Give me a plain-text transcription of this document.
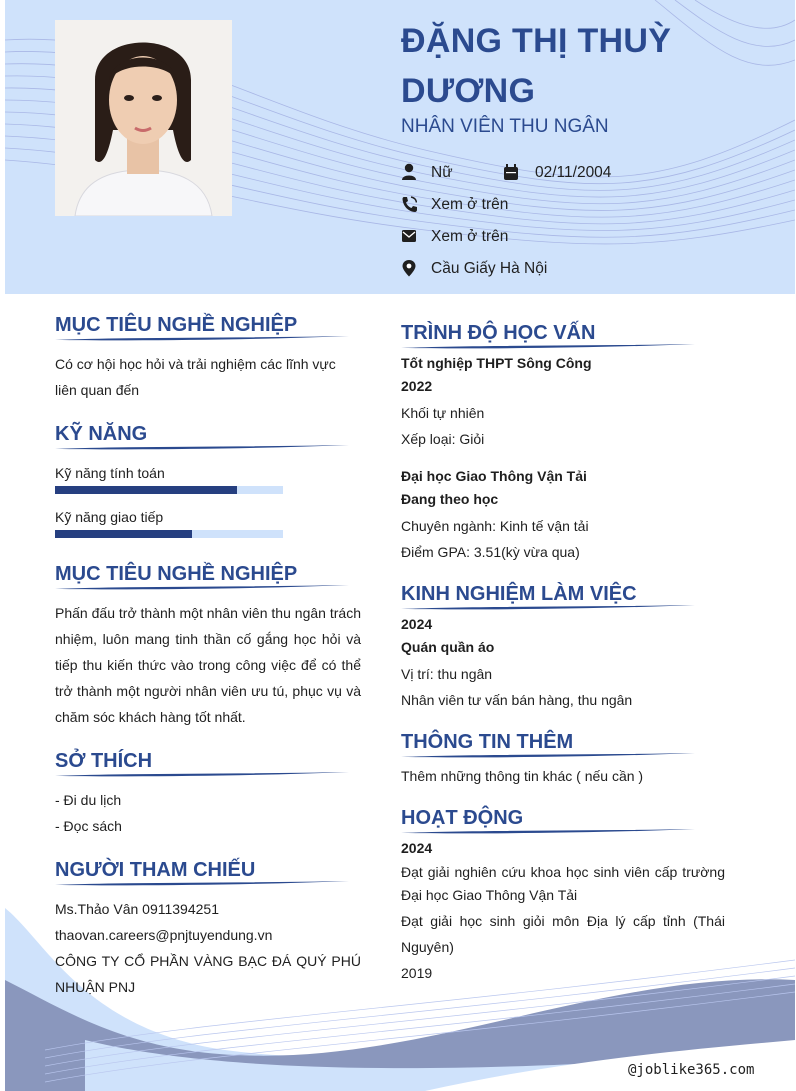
ĐẶNG THỊ THUỲ DƯƠNG
NHÂN VIÊN THU NGÂN
Nữ	02/11/2004
Xem ở trên
Xem ở trên
Cầu Giấy Hà Nội
MỤC TIÊU NGHỀ NGHIỆP
Có cơ hội học hỏi và trải nghiệm các lĩnh vực liên quan đến
KỸ NĂNG
Kỹ năng tính toán
Kỹ năng giao tiếp
MỤC TIÊU NGHỀ NGHIỆP
Phấn đấu trở thành một nhân viên thu ngân trách nhiệm, luôn mang tinh thần cố gắng học hỏi và tiếp thu kiến thức vào trong công việc để có thể trở thành một người nhân viên ưu tú, phục vụ và chăm sóc khách hàng tốt nhất.
SỞ THÍCH
- Đi du lịch
- Đọc sách
NGƯỜI THAM CHIẾU
Ms.Thảo Vân 0911394251
thaovan.careers@pnjtuyendung.vn
CÔNG TY CỔ PHẦN VÀNG BẠC ĐÁ QUÝ PHÚ NHUẬN PNJ
TRÌNH ĐỘ HỌC VẤN
Tốt nghiệp THPT Sông Công
2022
Khối tự nhiên
Xếp loại: Giỏi
Đại học Giao Thông Vận Tải
Đang theo học
Chuyên ngành: Kinh tế vận tải
Điểm GPA: 3.51(kỳ vừa qua)
KINH NGHIỆM LÀM VIỆC
2024
Quán quần áo
Vị trí: thu ngân
Nhân viên tư vấn bán hàng, thu ngân
THÔNG TIN THÊM
Thêm những thông tin khác ( nếu cần )
HOẠT ĐỘNG
2024
Đạt giải nghiên cứu khoa học sinh viên cấp trường Đại học Giao Thông Vận Tải
Đạt giải học sinh giỏi môn Địa lý cấp tỉnh (Thái Nguyên)
2019
@joblike365.com
